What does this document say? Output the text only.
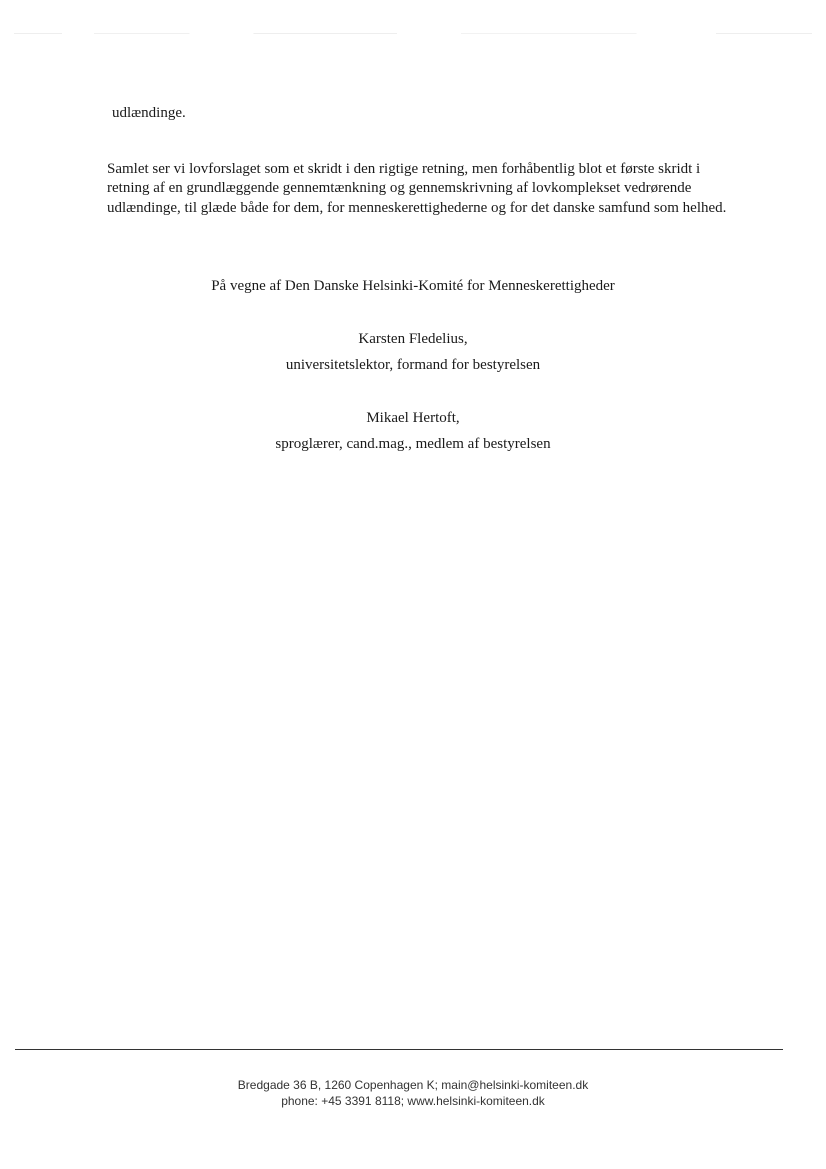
udlændinge.
Samlet ser vi lovforslaget som et skridt i den rigtige retning, men forhåbentlig blot et første skridt i
retning af en grundlæggende gennemtænkning og gennemskrivning af lovkomplekset vedrørende
udlændinge, til glæde både for dem, for menneskerettighederne og for det danske samfund som helhed.
På vegne af Den Danske Helsinki-Komité for Menneskerettigheder
Karsten Fledelius,
universitetslektor, formand for bestyrelsen
Mikael Hertoft,
sproglærer, cand.mag., medlem af bestyrelsen
Bredgade 36 B, 1260 Copenhagen K; main@helsinki-komiteen.dk
phone: +45 3391 8118; www.helsinki-komiteen.dk
